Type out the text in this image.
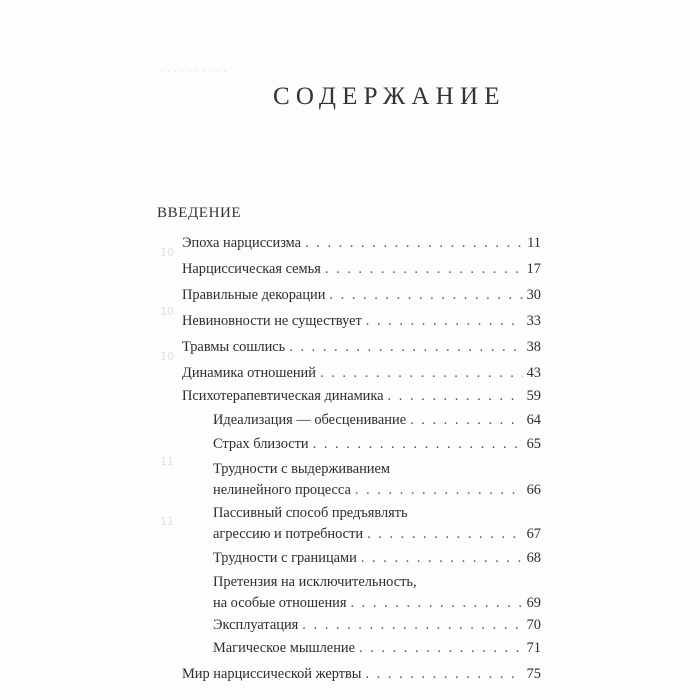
. . . . . . . . . .
10
10
10
11
11
СОДЕРЖАНИЕ
ВВЕДЕНИЕ
Эпоха нарциссизма . . .	11
Нарциссическая семья . . .	17
Правильные декорации . . .	30
Невиновности не существует . . .	33
Травмы сошлись . . .	38
Динамика отношений . . .	43
Психотерапевтическая динамика . . .	59
Идеализация — обесценивание . . .	64
Страх близости . . .	65
Трудности с выдерживанием
нелинейного процесса . . .	66
Пассивный способ предъявлять
агрессию и потребности . . .	67
Трудности с границами . . .	68
Претензия на исключительность,
на особые отношения . . .	69
Эксплуатация . . .	70
Магическое мышление . . .	71
Мир нарциссической жертвы . . .	75
